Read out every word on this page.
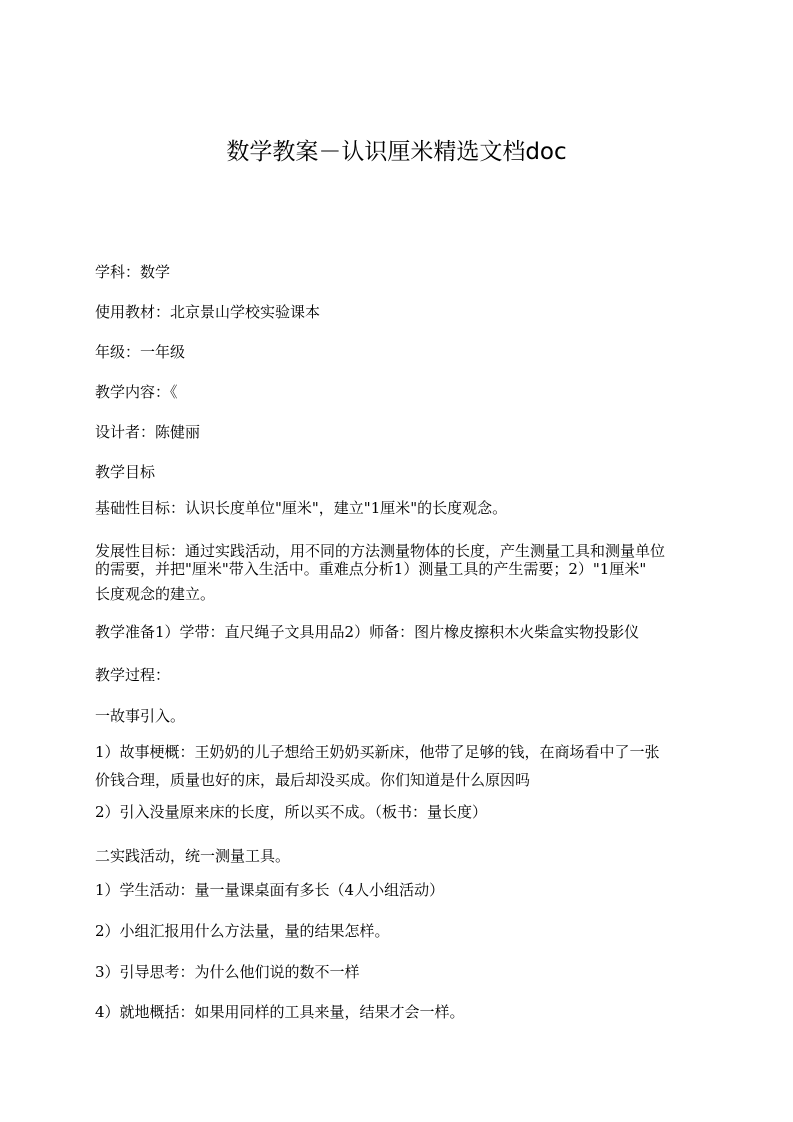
数学教案－认识厘米精选文档doc
学科：数学
使用教材：北京景山学校实验课本
年级：一年级
教学内容：《
设计者：陈健丽
教学目标
基础性目标：认识长度单位"厘米"，建立"1厘米"的长度观念。
发展性目标：通过实践活动，用不同的方法测量物体的长度，产生测量工具和测量单位
的需要，并把"厘米"带入生活中。重难点分析1）测量工具的产生需要；2）"1厘米"
长度观念的建立。
教学准备1）学带：直尺绳子文具用品2）师备：图片橡皮擦积木火柴盒实物投影仪
教学过程：
一故事引入。
1）故事梗概：王奶奶的儿子想给王奶奶买新床，他带了足够的钱，在商场看中了一张
价钱合理，质量也好的床，最后却没买成。你们知道是什么原因吗
2）引入没量原来床的长度，所以买不成。（板书：量长度）
二实践活动，统一测量工具。
1）学生活动：量一量课桌面有多长（4人小组活动）
2）小组汇报用什么方法量，量的结果怎样。
3）引导思考：为什么他们说的数不一样
4）就地概括：如果用同样的工具来量，结果才会一样。
